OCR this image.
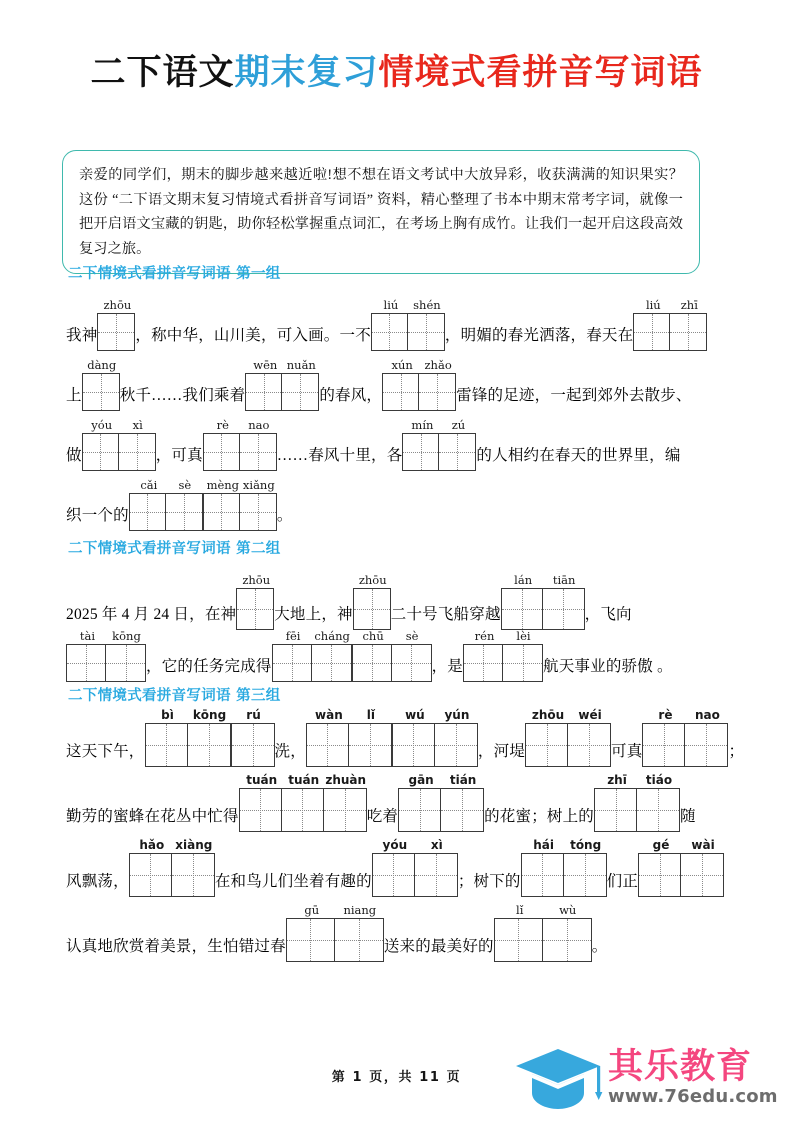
二下语文期末复习情境式看拼音写词语
亲爱的同学们，期末的脚步越来越近啦!想不想在语文考试中大放异彩，收获满满的知识果实？这份 “二下语文期末复习情境式看拼音写词语” 资料，精心整理了书本中期末常考字词，就像一把开启语文宝藏的钥匙，助你轻松掌握重点词汇，在考场上胸有成竹。让我们一起开启这段高效复习之旅。
二下情境式看拼音写词语 第一组
二下情境式看拼音写词语 第二组
二下情境式看拼音写词语 第三组
我神
zhōu
，称中华，山川美，可入画。一不
liú	shén
，明媚的春光洒落，春天在
liú	zhī
上
dàng
秋千……我们乘着
wēn nuǎn
的春风，
xún	zhǎo
雷锋的足迹，一起到郊外去散步、
做
yóu	xì
，可真
rè	nao
……春风十里，各
mín	zú
的人相约在春天的世界里，编
织一个的
cǎi	sè	mèng xiǎng
。
2025 年 4 月 24 日，在神
zhōu
大地上，神
zhōu
二十号飞船穿越
lán	tiān
，飞向
tài	kōng
，它的任务完成得
fēi	cháng	chū	sè
，是
rén	lèi
航天事业的骄傲 。
这天下午，
bì	kōng	rú
洗，
wàn	lǐ	wú	yún
，河堤
zhōu	wéi
可真
rè	nao
；
勤劳的蜜蜂在花丛中忙得
tuán tuán zhuàn
吃着
gān	tián
的花蜜；树上的
zhī	tiáo
随
风飘荡，
hǎo xiàng
在和鸟儿们坐着有趣的
yóu	xì
；树下的
hái	tóng
们正
gé	wài
认真地欣赏着美景，生怕错过春
gū	niang
送来的最美好的
lǐ	wù
。
第 1 页，共 11 页	其乐教育
www.76edu.com
